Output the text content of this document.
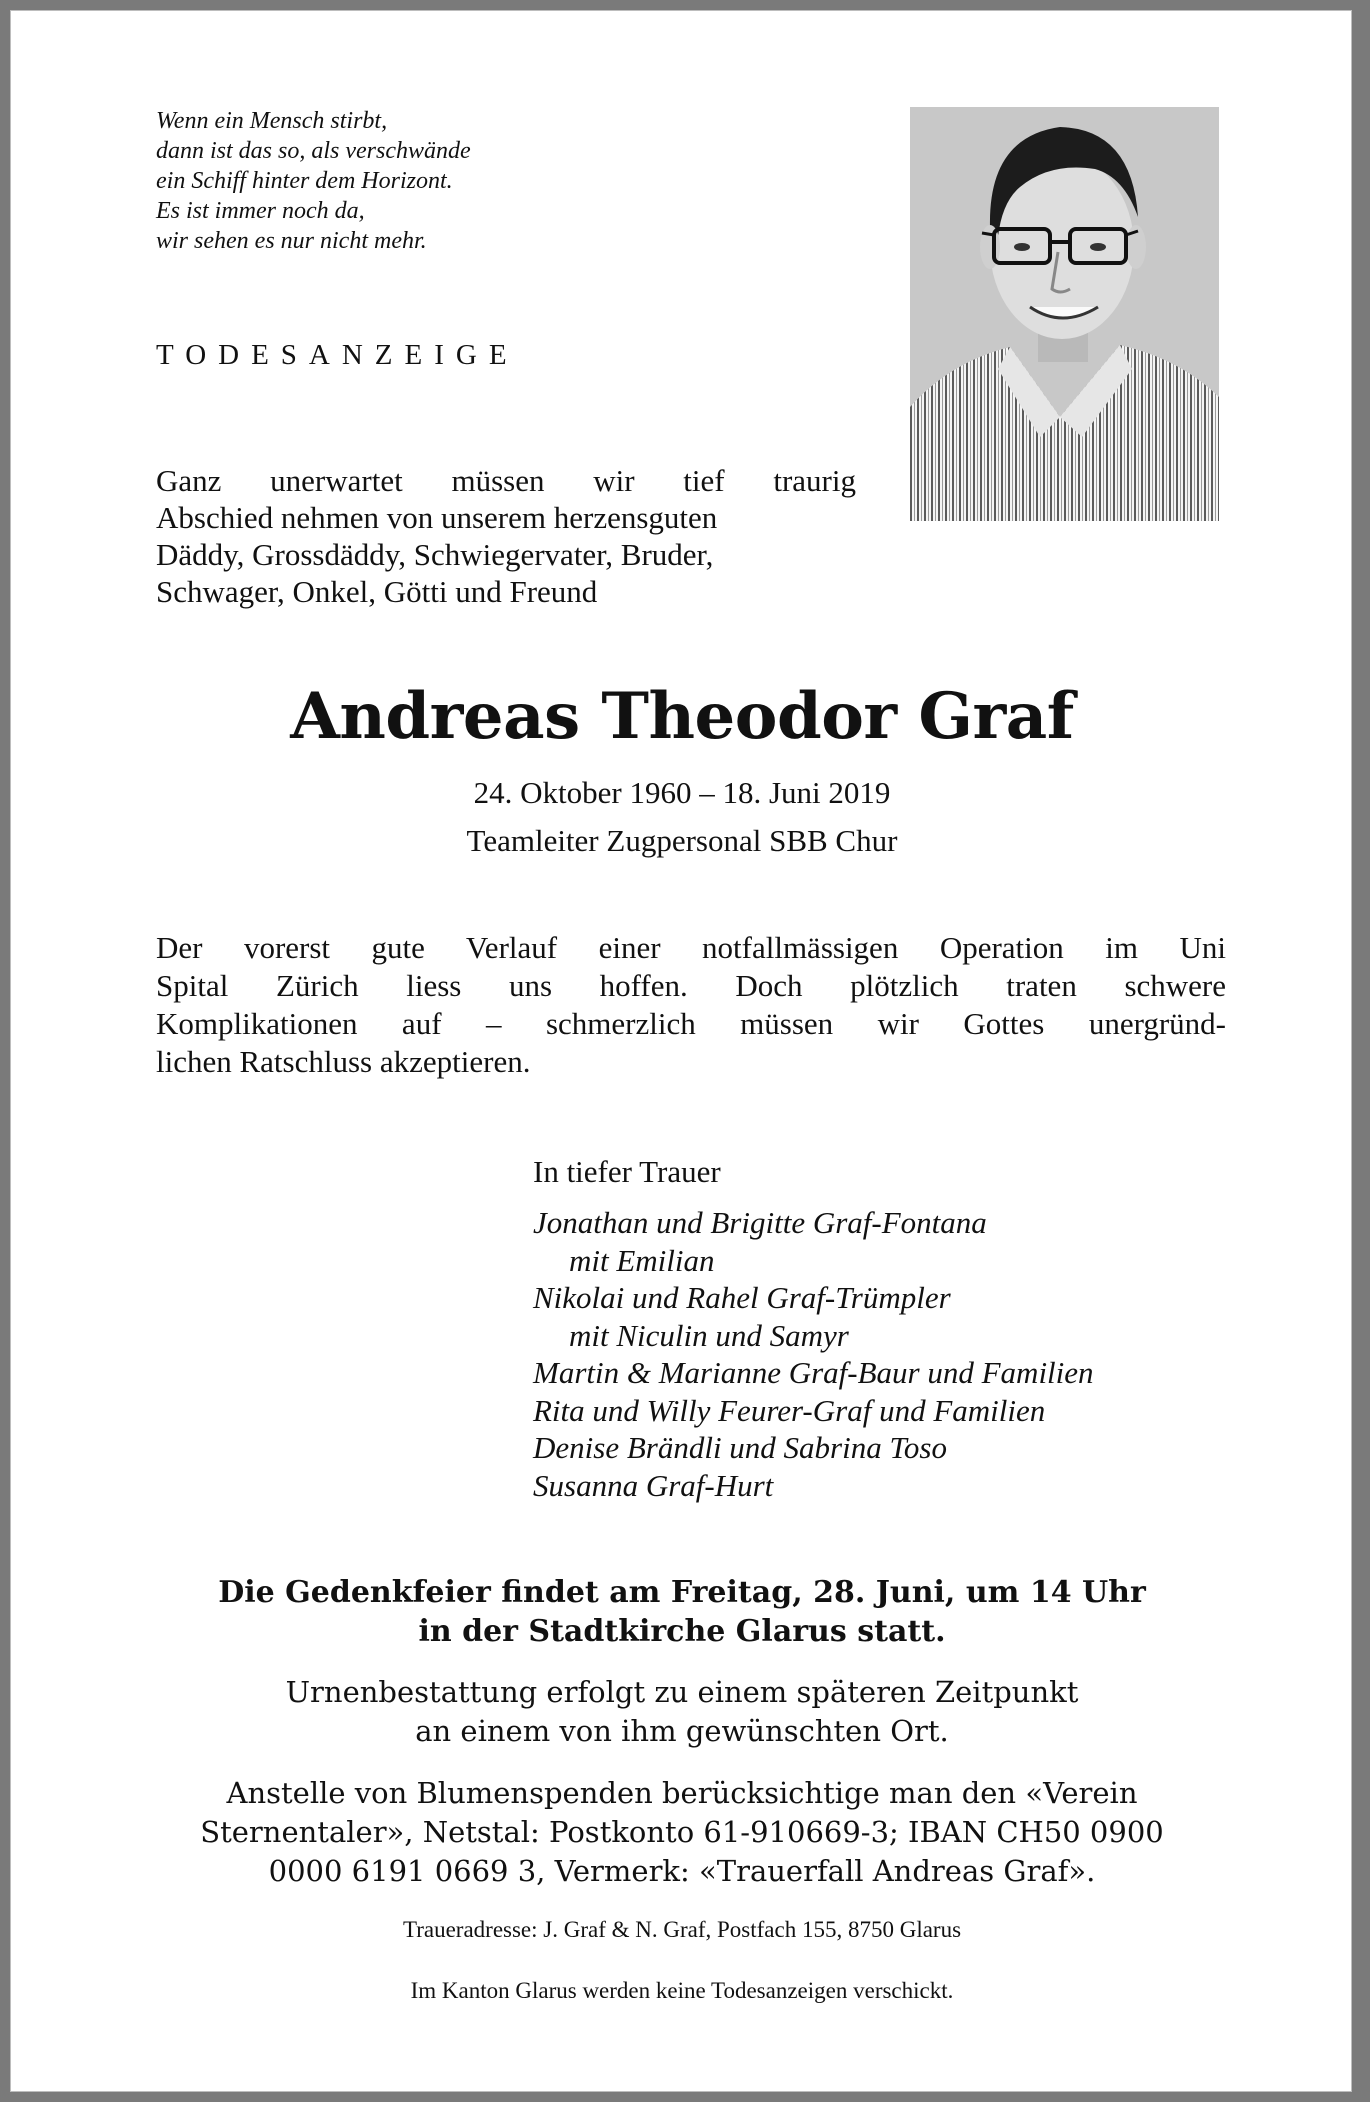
Wenn ein Mensch stirbt,
dann ist das so, als verschwände
ein Schiff hinter dem Horizont.
Es ist immer noch da,
wir sehen es nur nicht mehr.
TODESANZEIGE
Ganz unerwartet müssen wir tief traurig
Abschied nehmen von unserem herzensguten
Däddy, Grossdäddy, Schwiegervater, Bruder,
Schwager, Onkel, Götti und Freund
Andreas Theodor Graf
24. Oktober 1960 – 18. Juni 2019
Teamleiter Zugpersonal SBB Chur
Der vorerst gute Verlauf einer notfallmässigen Operation im Uni
Spital Zürich liess uns hoffen. Doch plötzlich traten schwere
Komplikationen auf – schmerzlich müssen wir Gottes unergründ-
lichen Ratschluss akzeptieren.
In tiefer Trauer
Jonathan und Brigitte Graf-Fontana
mit Emilian
Nikolai und Rahel Graf-Trümpler
mit Niculin und Samyr
Martin & Marianne Graf-Baur und Familien
Rita und Willy Feurer-Graf und Familien
Denise Brändli und Sabrina Toso
Susanna Graf-Hurt
Die Gedenkfeier findet am Freitag, 28. Juni, um 14 Uhr
in der Stadtkirche Glarus statt.
Urnenbestattung erfolgt zu einem späteren Zeitpunkt
an einem von ihm gewünschten Ort.
Anstelle von Blumenspenden berücksichtige man den «Verein
Sternentaler», Netstal: Postkonto 61-910669-3; IBAN CH50 0900
0000 6191 0669 3, Vermerk: «Trauerfall Andreas Graf».
Traueradresse: J. Graf & N. Graf, Postfach 155, 8750 Glarus
Im Kanton Glarus werden keine Todesanzeigen verschickt.
